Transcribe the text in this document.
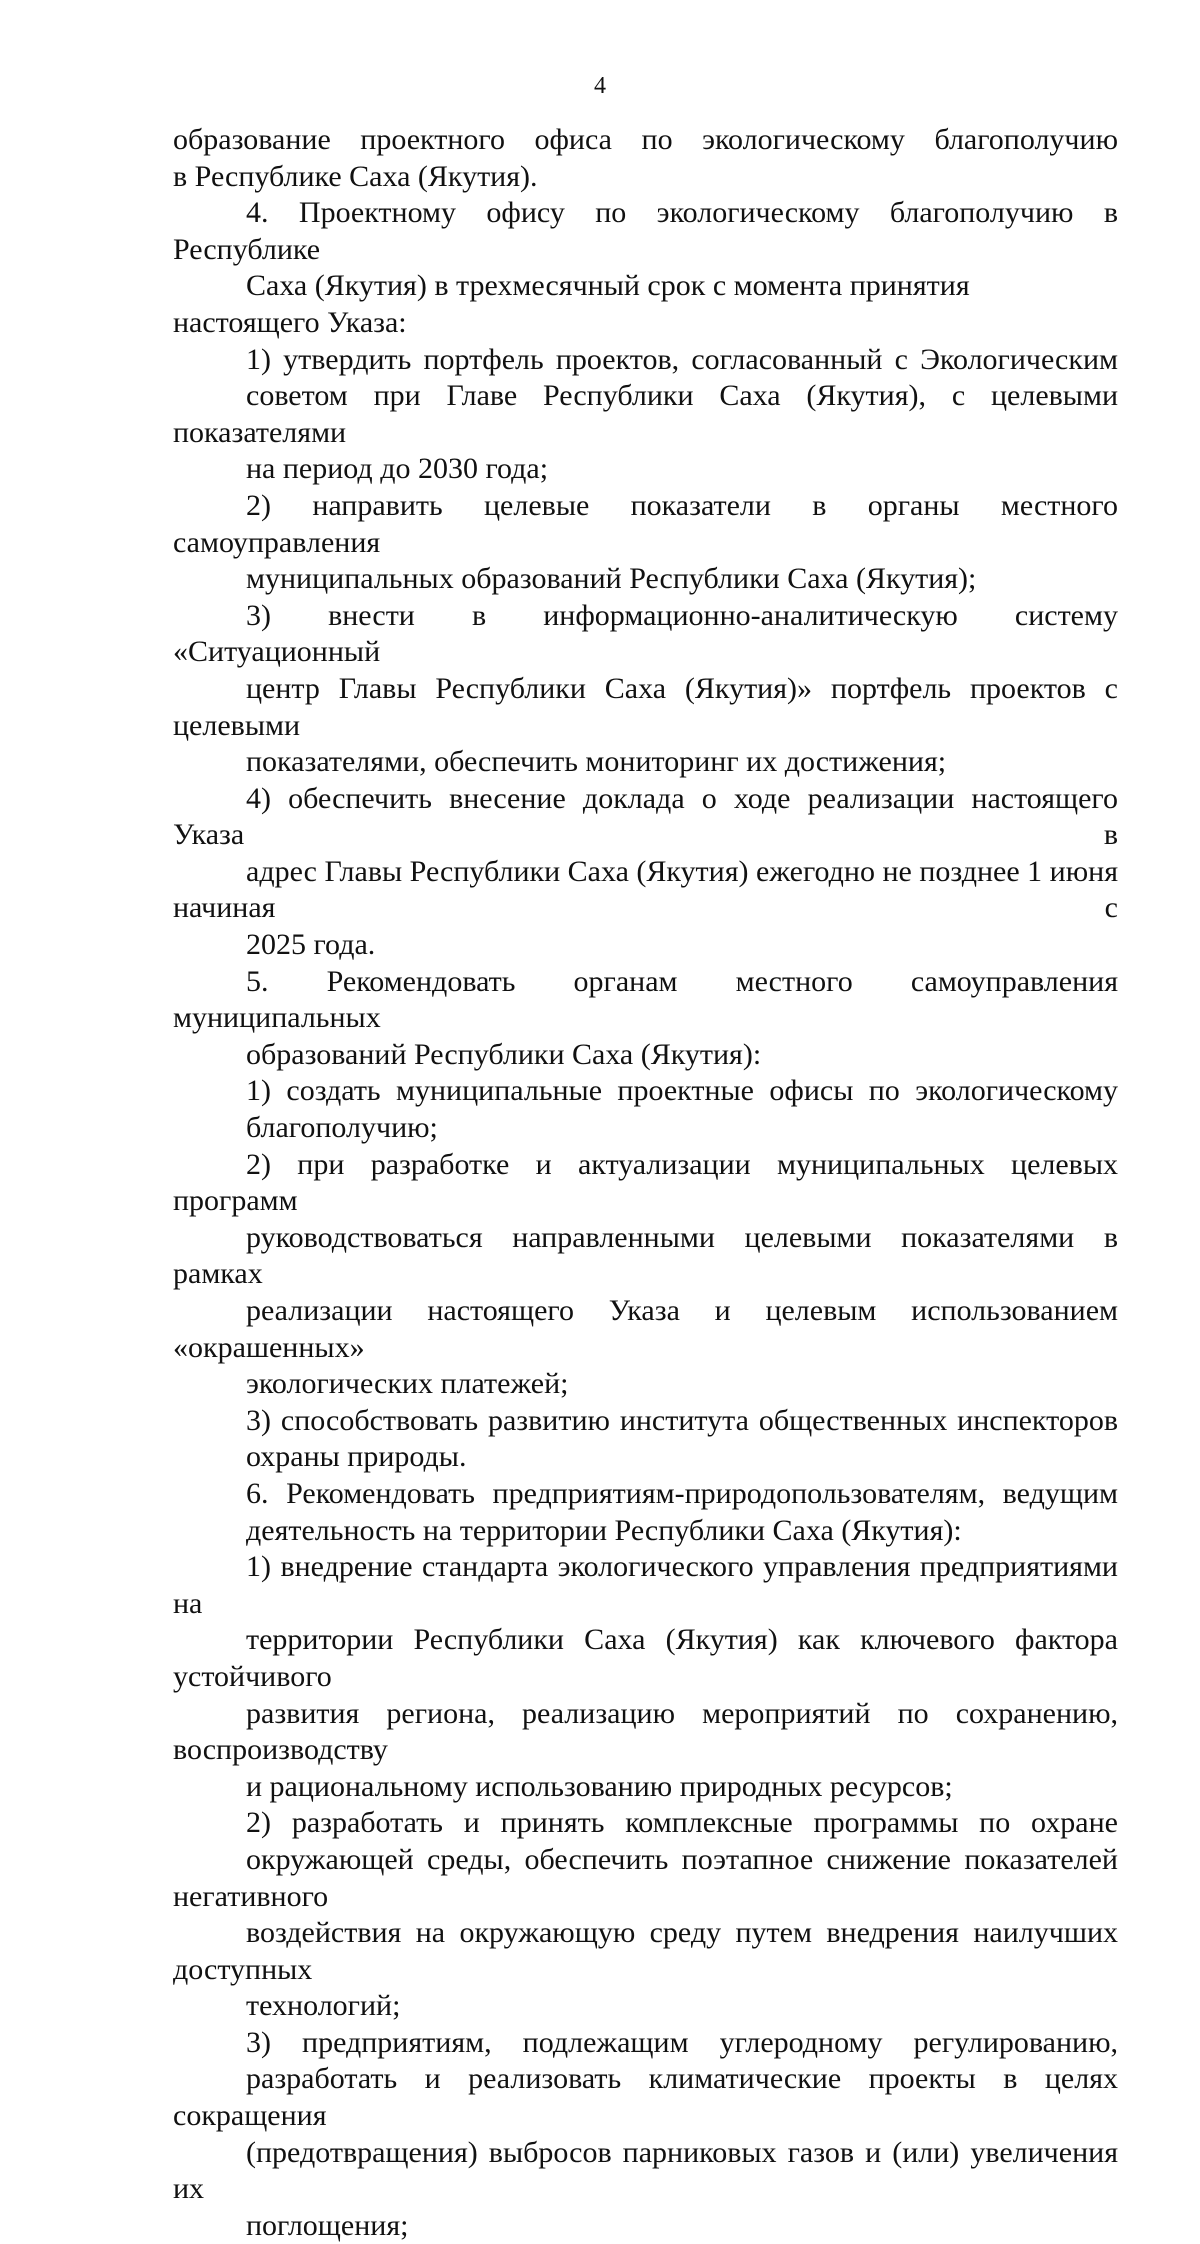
4
образование проектного офиса по экологическому благополучию
в Республике Саха (Якутия).
4. Проектному офису по экологическому благополучию в Республике
Саха (Якутия) в трехмесячный срок с момента принятия настоящего Указа:
1) утвердить портфель проектов, согласованный с Экологическим
советом при Главе Республики Саха (Якутия), с целевыми показателями
на период до 2030 года;
2) направить целевые показатели в органы местного самоуправления
муниципальных образований Республики Саха (Якутия);
3) внести в информационно-аналитическую систему «Ситуационный
центр Главы Республики Саха (Якутия)» портфель проектов с целевыми
показателями, обеспечить мониторинг их достижения;
4) обеспечить внесение доклада о ходе реализации настоящего Указа в
адрес Главы Республики Саха (Якутия) ежегодно не позднее 1 июня начиная с
2025 года.
5. Рекомендовать органам местного самоуправления муниципальных
образований Республики Саха (Якутия):
1) создать муниципальные проектные офисы по экологическому
благополучию;
2) при разработке и актуализации муниципальных целевых программ
руководствоваться направленными целевыми показателями в рамках
реализации настоящего Указа и целевым использованием «окрашенных»
экологических платежей;
3) способствовать развитию института общественных инспекторов
охраны природы.
6. Рекомендовать предприятиям-природопользователям, ведущим
деятельность на территории Республики Саха (Якутия):
1) внедрение стандарта экологического управления предприятиями на
территории Республики Саха (Якутия) как ключевого фактора устойчивого
развития региона, реализацию мероприятий по сохранению, воспроизводству
и рациональному использованию природных ресурсов;
2) разработать и принять комплексные программы по охране
окружающей среды, обеспечить поэтапное снижение показателей негативного
воздействия на окружающую среду путем внедрения наилучших доступных
технологий;
3) предприятиям, подлежащим углеродному регулированию,
разработать и реализовать климатические проекты в целях сокращения
(предотвращения) выбросов парниковых газов и (или) увеличения их
поглощения;
